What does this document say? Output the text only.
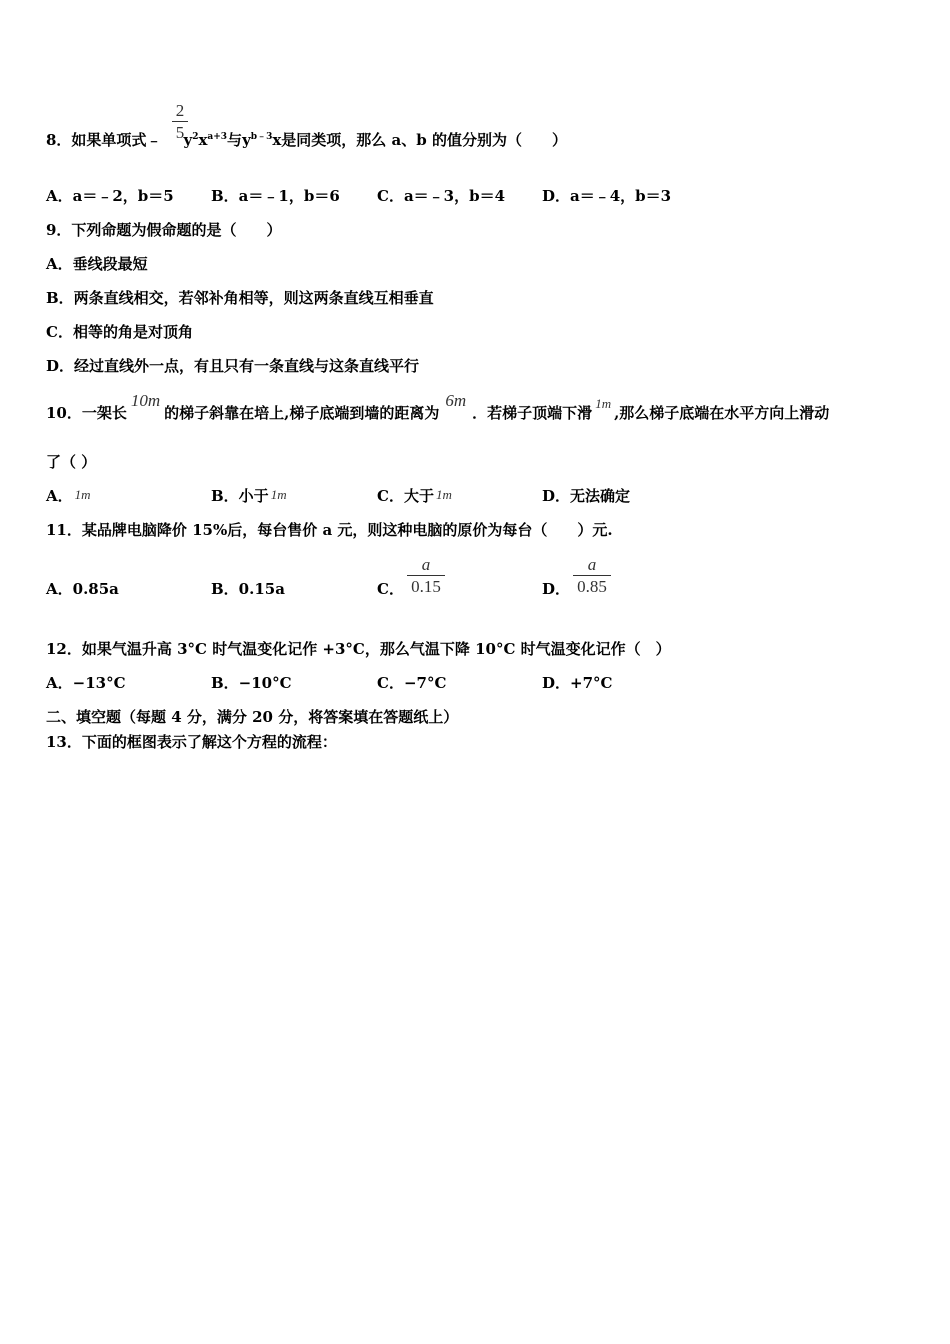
2
5
8．如果单项式﹣ $y^2x^{a+3}$与$y^{b﹣3}x$是同类项，那么 a、b 的值分别为（　　）
A．a＝﹣2，b＝5 B．a＝﹣1，b＝6 C．a＝﹣3，b＝4 D．a＝﹣4，b＝3
9．下列命题为假命题的是（　　）
A．垂线段最短
B．两条直线相交，若邻补角相等，则这两条直线互相垂直
C．相等的角是对顶角
D．经过直线外一点，有且只有一条直线与这条直线平行
10．一架长10m的梯子斜靠在培上,梯子底端到墙的距离为6m．若梯子顶端下滑1m,那么梯子底端在水平方向上滑动
了（ ）
A． 1m	B．小于 1m	C．大于 1m	D．无法确定
11．某品牌电脑降价 15%后，每台售价 a 元，则这种电脑的原价为每台（　　）元.
A．0.85a	B．0.15a	C．
a
0.15	D．
a
0.85
12．如果气温升高 3°C 时气温变化记作 +3°C，那么气温下降 10°C 时气温变化记作（　）
A．−13°C	B．−10°C	C．−7°C	D．+7°C
二、填空题（每题 4 分，满分 20 分，将答案填在答题纸上）
13．下面的框图表示了解这个方程的流程：
